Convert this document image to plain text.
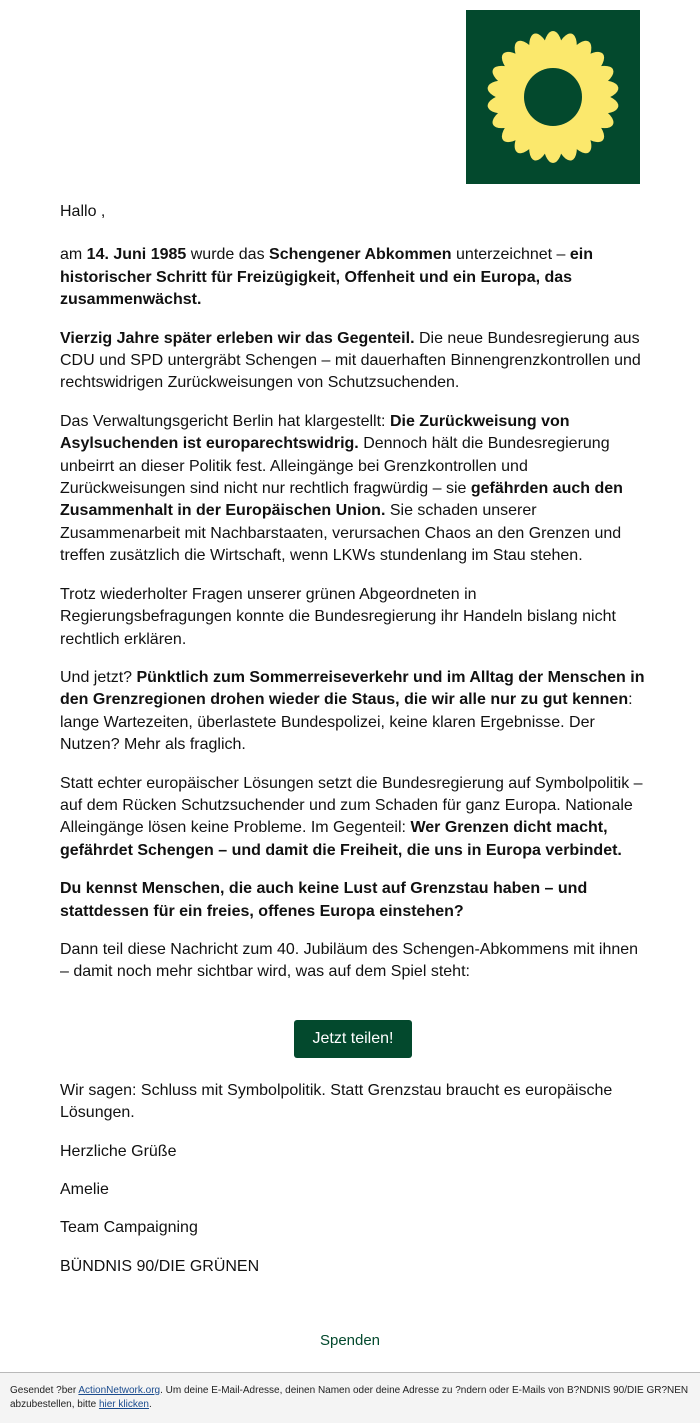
Hallo ,

am 14. Juni 1985 wurde das Schengener Abkommen unterzeichnet – ein historischer Schritt für Freizügigkeit, Offenheit und ein Europa, das zusammenwächst.

Vierzig Jahre später erleben wir das Gegenteil. Die neue Bundesregierung aus CDU und SPD untergräbt Schengen – mit dauerhaften Binnengrenzkontrollen und rechtswidrigen Zurückweisungen von Schutzsuchenden.

Das Verwaltungsgericht Berlin hat klargestellt: Die Zurückweisung von Asylsuchenden ist europarechtswidrig. Dennoch hält die Bundesregierung unbeirrt an dieser Politik fest. Alleingänge bei Grenzkontrollen und Zurückweisungen sind nicht nur rechtlich fragwürdig – sie gefährden auch den Zusammenhalt in der Europäischen Union. Sie schaden unserer Zusammenarbeit mit Nachbarstaaten, verursachen Chaos an den Grenzen und treffen zusätzlich die Wirtschaft, wenn LKWs stundenlang im Stau stehen.

Trotz wiederholter Fragen unserer grünen Abgeordneten in Regierungsbefragungen konnte die Bundesregierung ihr Handeln bislang nicht rechtlich erklären.

Und jetzt? Pünktlich zum Sommerreiseverkehr und im Alltag der Menschen in den Grenzregionen drohen wieder die Staus, die wir alle nur zu gut kennen: lange Wartezeiten, überlastete Bundespolizei, keine klaren Ergebnisse. Der Nutzen? Mehr als fraglich.

Statt echter europäischer Lösungen setzt die Bundesregierung auf Symbolpolitik – auf dem Rücken Schutzsuchender und zum Schaden für ganz Europa. Nationale Alleingänge lösen keine Probleme. Im Gegenteil: Wer Grenzen dicht macht, gefährdet Schengen – und damit die Freiheit, die uns in Europa verbindet.

Du kennst Menschen, die auch keine Lust auf Grenzstau haben – und stattdessen für ein freies, offenes Europa einstehen?

Dann teil diese Nachricht zum 40. Jubiläum des Schengen-Abkommens mit ihnen – damit noch mehr sichtbar wird, was auf dem Spiel steht:

Jetzt teilen!

Wir sagen: Schluss mit Symbolpolitik. Statt Grenzstau braucht es europäische Lösungen.

Herzliche Grüße

Amelie

Team Campaigning

BÜNDNIS 90/DIE GRÜNEN

Spenden
Gesendet ?ber ActionNetwork.org. Um deine E-Mail-Adresse, deinen Namen oder deine Adresse zu ?ndern oder E-Mails von B?NDNIS 90/DIE GR?NEN abzubestellen, bitte hier klicken.
